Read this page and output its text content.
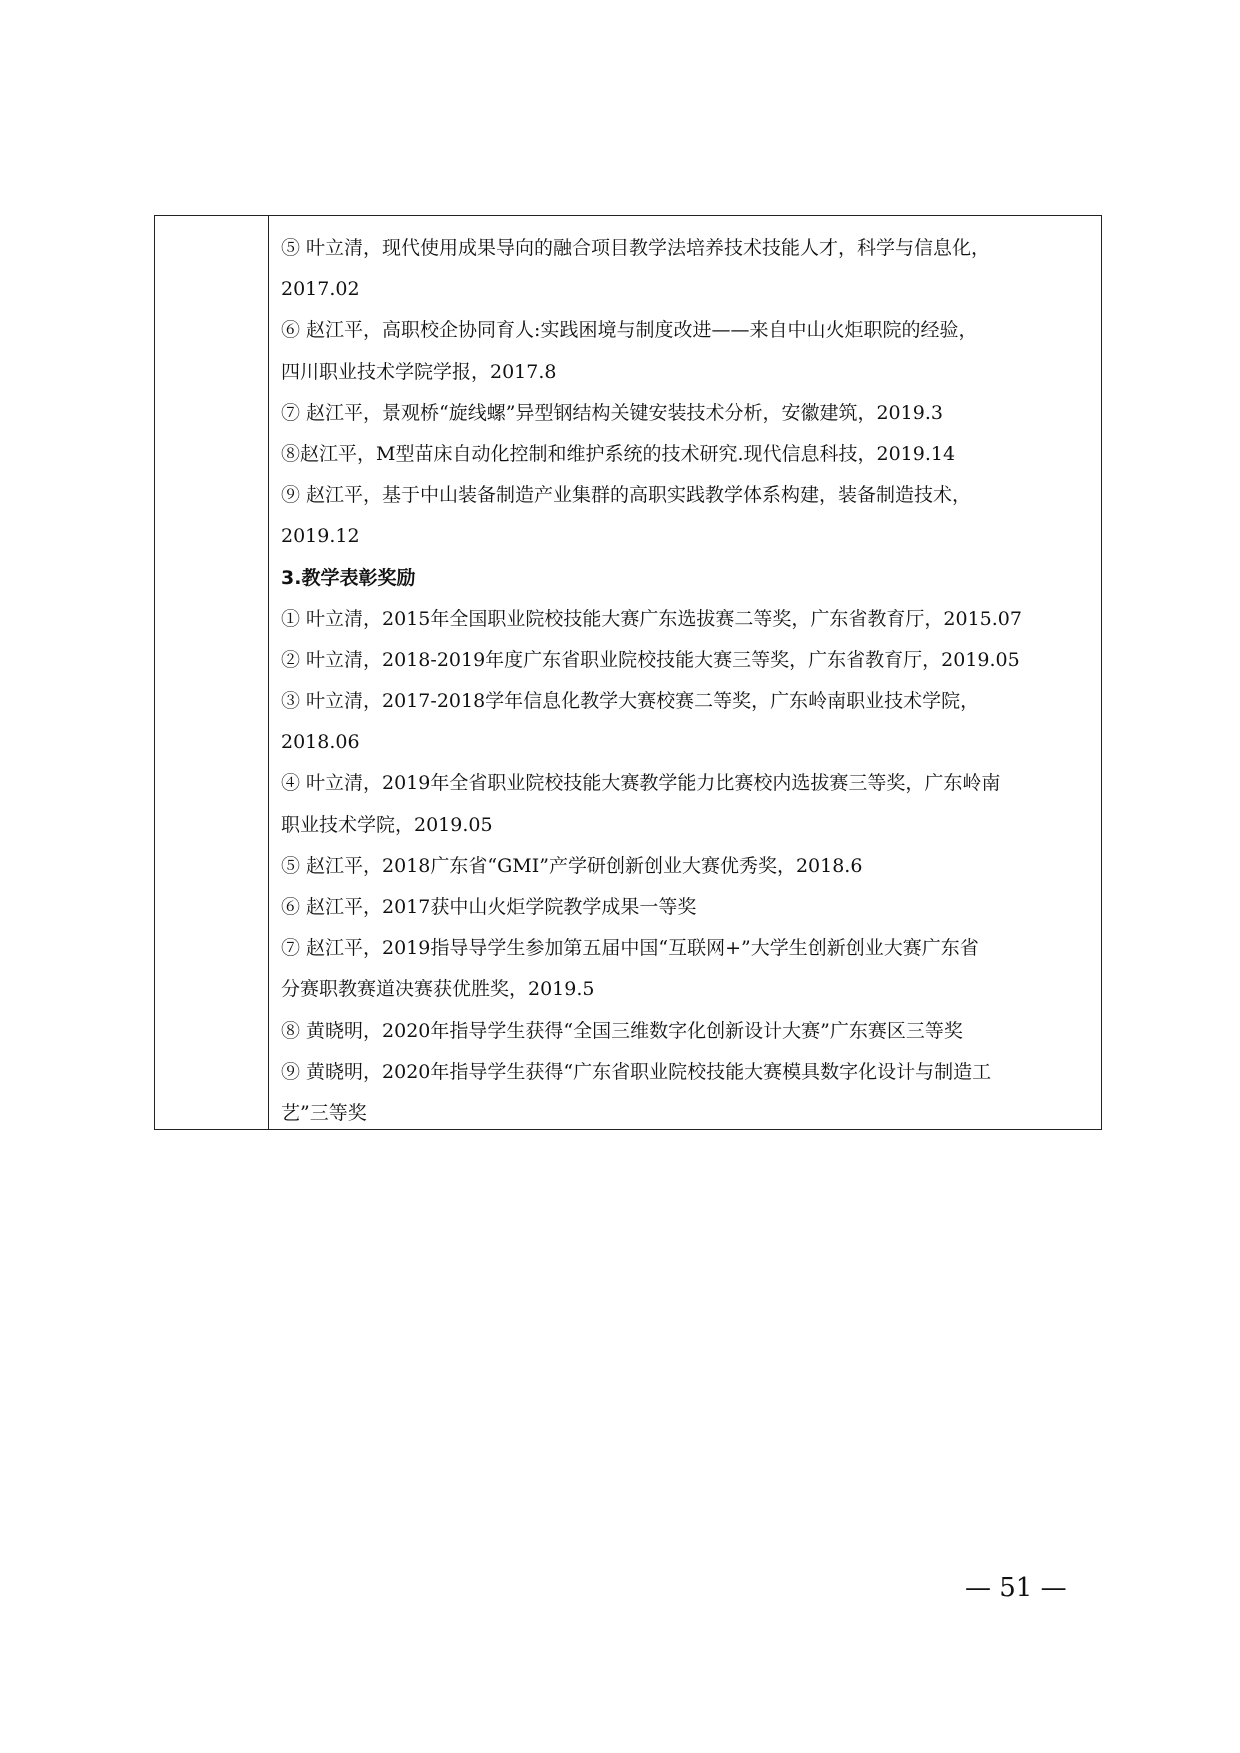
⑤ 叶立清，现代使用成果导向的融合项目教学法培养技术技能人才，科学与信息化，
2017.02
⑥ 赵江平，高职校企协同育人:实践困境与制度改进——来自中山火炬职院的经验，
四川职业技术学院学报，2017.8
⑦ 赵江平，景观桥“旋线螺”异型钢结构关键安装技术分析，安徽建筑，2019.3
⑧赵江平，M型苗床自动化控制和维护系统的技术研究.现代信息科技，2019.14
⑨ 赵江平，基于中山装备制造产业集群的高职实践教学体系构建，装备制造技术，
2019.12
3.教学表彰奖励
① 叶立清，2015年全国职业院校技能大赛广东选拔赛二等奖，广东省教育厅，2015.07
② 叶立清，2018-2019年度广东省职业院校技能大赛三等奖，广东省教育厅，2019.05
③ 叶立清，2017-2018学年信息化教学大赛校赛二等奖，广东岭南职业技术学院，
2018.06
④ 叶立清，2019年全省职业院校技能大赛教学能力比赛校内选拔赛三等奖，广东岭南
职业技术学院，2019.05
⑤ 赵江平，2018广东省“GMI”产学研创新创业大赛优秀奖，2018.6
⑥ 赵江平，2017获中山火炬学院教学成果一等奖
⑦ 赵江平，2019指导导学生参加第五届中国“互联网+”大学生创新创业大赛广东省
分赛职教赛道决赛获优胜奖，2019.5
⑧ 黄晓明，2020年指导学生获得“全国三维数字化创新设计大赛”广东赛区三等奖
⑨ 黄晓明，2020年指导学生获得“广东省职业院校技能大赛模具数字化设计与制造工
艺”三等奖
— 51 —
